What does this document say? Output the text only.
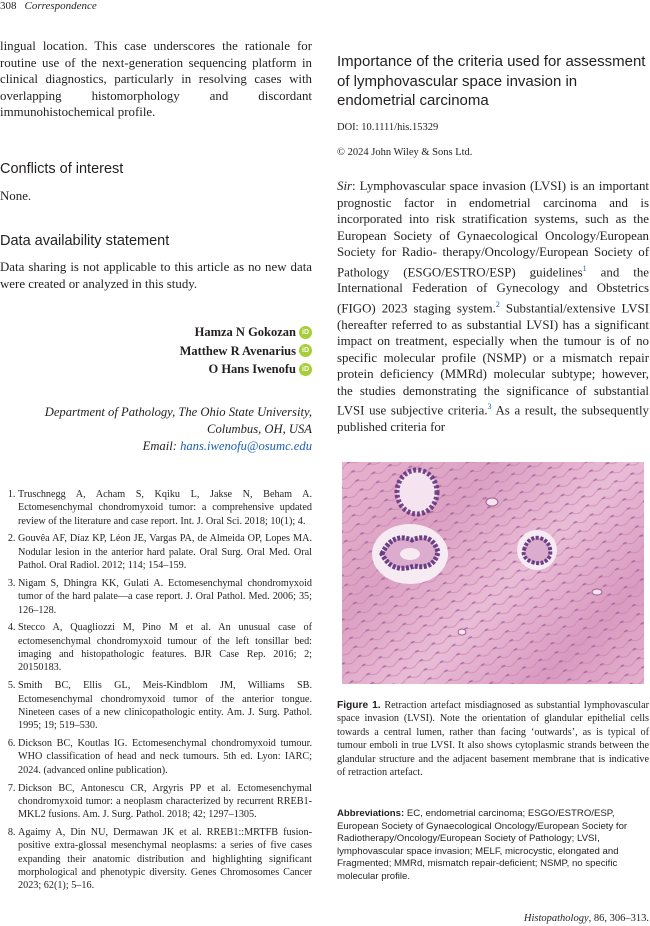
308 Correspondence
lingual location. This case underscores the rationale for routine use of the next-generation sequencing platform in clinical diagnostics, particularly in resolving cases with overlapping histomorphology and discordant immunohistochemical profile.
Conflicts of interest
None.
Data availability statement
Data sharing is not applicable to this article as no new data were created or analyzed in this study.
Hamza N Gokozan iD
Matthew R Avenarius iD
O Hans Iwenofu iD
Department of Pathology, The Ohio State University,
Columbus, OH, USA
Email: hans.iwenofu@osumc.edu
1. Truschnegg A, Acham S, Kqiku L, Jakse N, Beham A. Ectomesenchymal chondromyxoid tumor: a comprehensive updated review of the literature and case report. Int. J. Oral Sci. 2018; 10(1); 4.
2. Gouvêa AF, Díaz KP, Léon JE, Vargas PA, de Almeida OP, Lopes MA. Nodular lesion in the anterior hard palate. Oral Surg. Oral Med. Oral Pathol. Oral Radiol. 2012; 114; 154–159.
3. Nigam S, Dhingra KK, Gulati A. Ectomesenchymal chondromyxoid tumor of the hard palate—a case report. J. Oral Pathol. Med. 2006; 35; 126–128.
4. Stecco A, Quagliozzi M, Pino M et al. An unusual case of ectomesenchymal chondromyxoid tumour of the left tonsillar bed: imaging and histopathologic features. BJR Case Rep. 2016; 2; 20150183.
5. Smith BC, Ellis GL, Meis-Kindblom JM, Williams SB. Ectomesenchymal chondromyxoid tumor of the anterior tongue. Nineteen cases of a new clinicopathologic entity. Am. J. Surg. Pathol. 1995; 19; 519–530.
6. Dickson BC, Koutlas IG. Ectomesenchymal chondromyxoid tumour. WHO classification of head and neck tumours. 5th ed. Lyon: IARC; 2024. (advanced online publication).
7. Dickson BC, Antonescu CR, Argyris PP et al. Ectomesenchymal chondromyxoid tumor: a neoplasm characterized by recurrent RREB1-MKL2 fusions. Am. J. Surg. Pathol. 2018; 42; 1297–1305.
8. Agaimy A, Din NU, Dermawan JK et al. RREB1::MRTFB fusion-positive extra-glossal mesenchymal neoplasms: a series of five cases expanding their anatomic distribution and highlighting significant morphological and phenotypic diversity. Genes Chromosomes Cancer 2023; 62(1); 5–16.
Importance of the criteria used for assessment of lymphovascular space invasion in endometrial carcinoma
DOI: 10.1111/his.15329
© 2024 John Wiley & Sons Ltd.
Sir: Lymphovascular space invasion (LVSI) is an important prognostic factor in endometrial carcinoma and is incorporated into risk stratification systems, such as the European Society of Gynaecological Oncology/European Society for Radio- therapy/Oncology/European Society of Pathology (ESGO/ESTRO/ESP) guidelines$^1$ and the International Federation of Gynecology and Obstetrics (FIGO) 2023 staging system.$^2$ Substantial/extensive LVSI (hereafter referred to as substantial LVSI) has a significant impact on treatment, especially when the tumour is of no specific molecular profile (NSMP) or a mismatch repair protein deficiency (MMRd) molecular subtype; however, the studies demonstrating the significance of substantial LVSI use subjective criteria.$^3$ As a result, the subsequently published criteria for
Figure 1. Retraction artefact misdiagnosed as substantial lymphovascular space invasion (LVSI). Note the orientation of glandular epithelial cells towards a central lumen, rather than facing ‘outwards’, as is typical of tumour emboli in true LVSI. It also shows cytoplasmic strands between the glandular structure and the adjacent basement membrane that is indicative of retraction artefact.
Abbreviations: EC, endometrial carcinoma; ESGO/ESTRO/ESP, European Society of Gynaecological Oncology/European Society for Radiotherapy/Oncology/European Society of Pathology; LVSI, lymphovascular space invasion; MELF, microcystic, elongated and Fragmented; MMRd, mismatch repair-deficient; NSMP, no specific molecular profile.
Histopathology, 86, 306–313.
